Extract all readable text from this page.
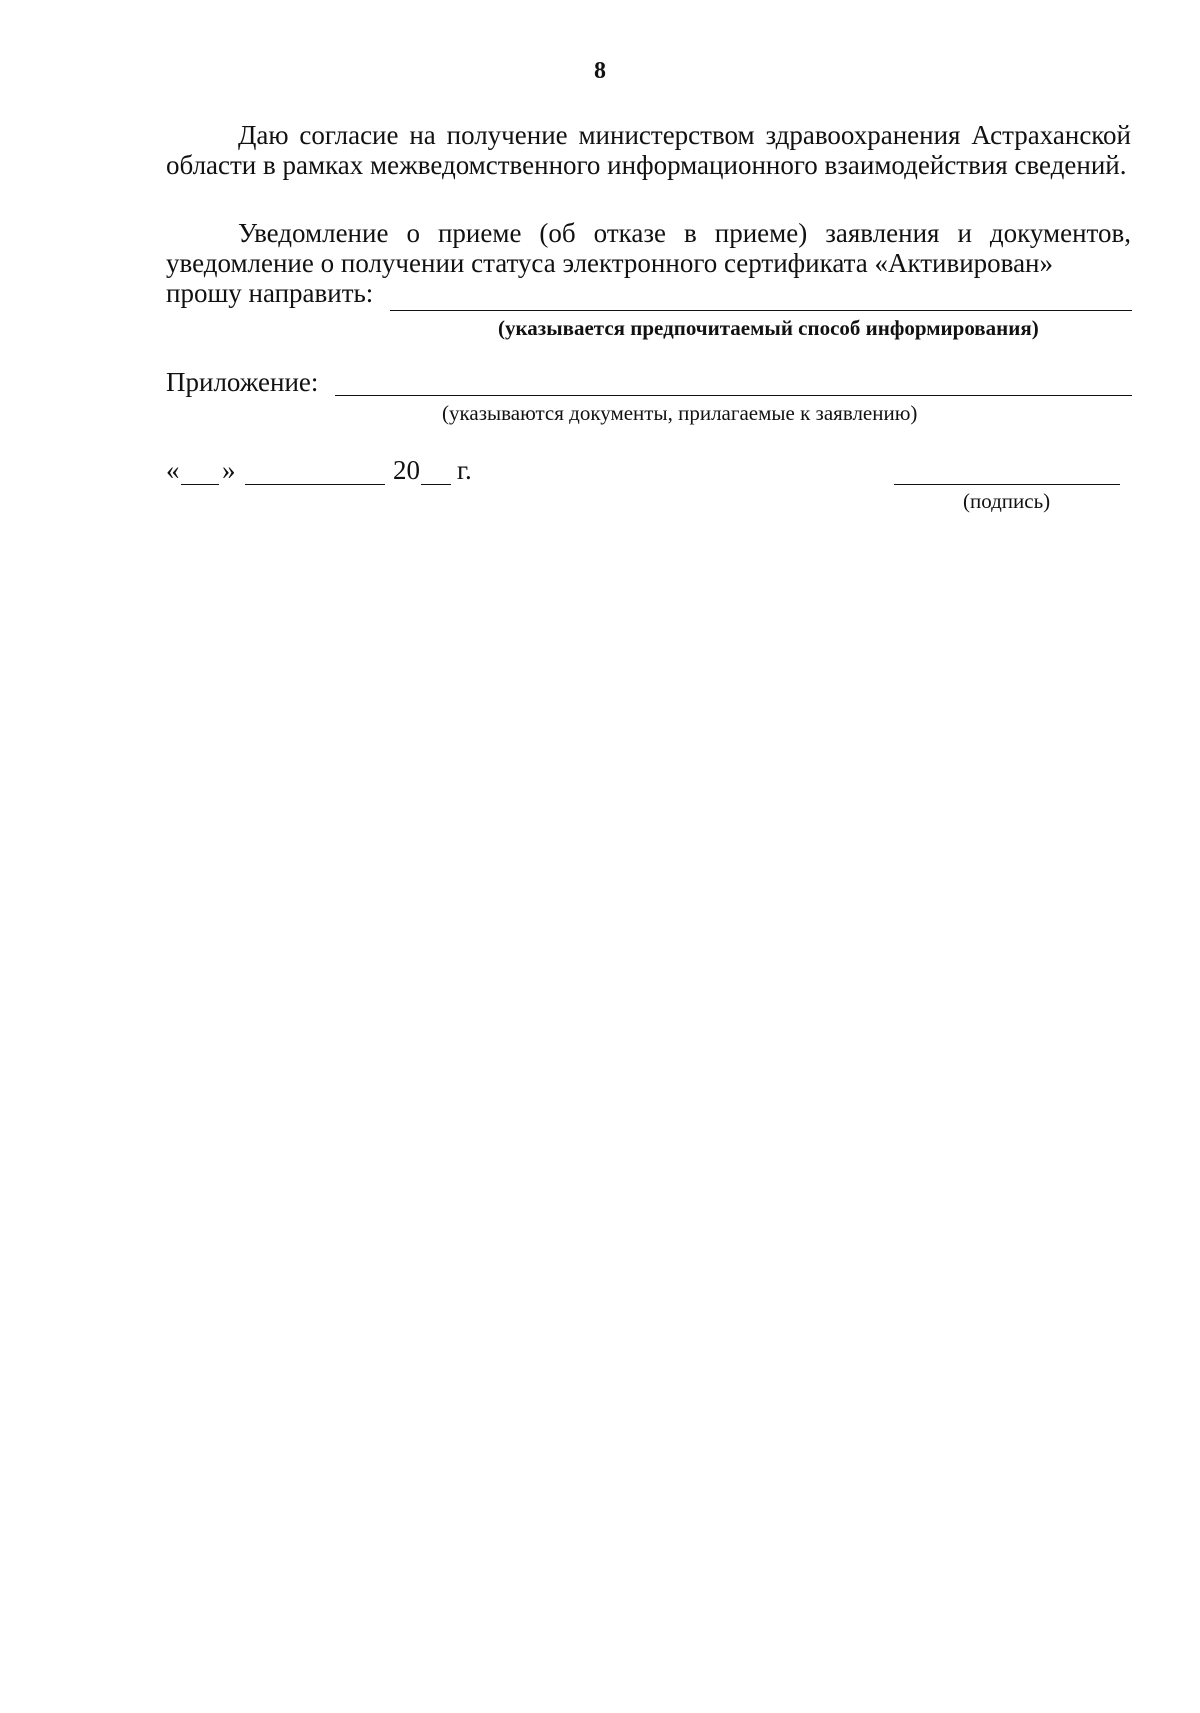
8
Даю согласие на получение министерством здравоохранения Астраханской области в рамках межведомственного информационного взаимодействия сведений.
Уведомление о приеме (об отказе в приеме) заявления и документов, уведомление о получении статуса электронного сертификата «Активирован»
прошу направить:
(указывается предпочитаемый способ информирования)
Приложение:
(указываются документы, прилагаемые к заявлению)
« »	20 г.
(подпись)
